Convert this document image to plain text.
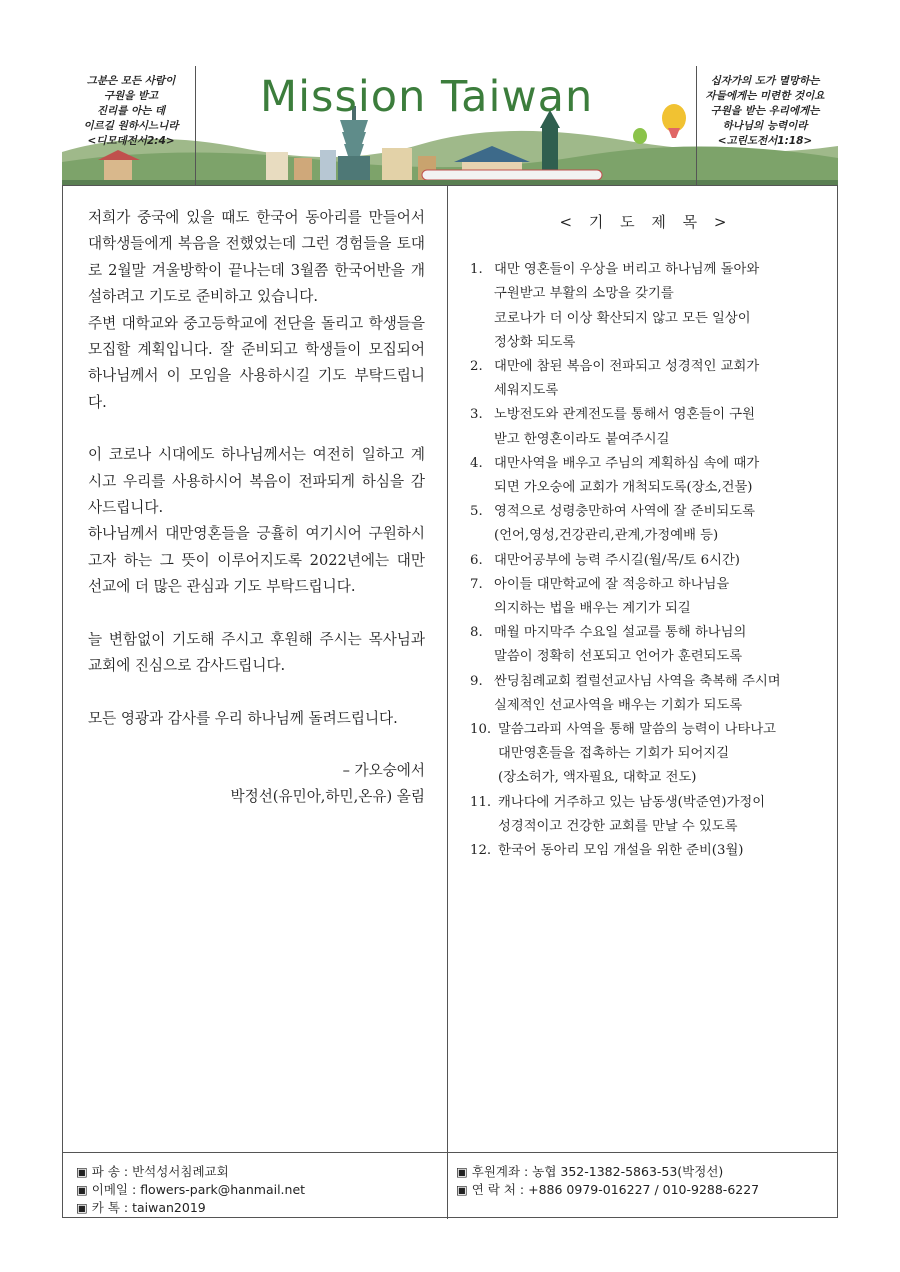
그분은 모든 사람이
구원을 받고
진리를 아는 데
이르길 원하시느니라
<디모데전서2:4>
Mission Taiwan	십자가의 도가 멸망하는
자들에게는 미련한 것이요
구원을 받는 우리에게는
하나님의 능력이라
<고린도전서1:18>
저희가 중국에 있을 때도 한국어 동아리를 만들어서 대학생들에게 복음을 전했었는데 그런 경험들을 토대로 2월말 겨울방학이 끝나는데 3월쯤 한국어반을 개설하려고 기도로 준비하고 있습니다.
주변 대학교와 중고등학교에 전단을 돌리고 학생들을 모집할 계획입니다. 잘 준비되고 학생들이 모집되어 하나님께서 이 모임을 사용하시길 기도 부탁드립니다.
이 코로나 시대에도 하나님께서는 여전히 일하고 계시고 우리를 사용하시어 복음이 전파되게 하심을 감사드립니다.
하나님께서 대만영혼들을 긍휼히 여기시어 구원하시고자 하는 그 뜻이 이루어지도록 2022년에는 대만 선교에 더 많은 관심과 기도 부탁드립니다.
늘 변함없이 기도해 주시고 후원해 주시는 목사님과 교회에 진심으로 감사드립니다.
모든 영광과 감사를 우리 하나님께 돌려드립니다.
– 가오숭에서
박정선(유민아,하민,온유) 올림
< 기 도 제 목 >
1. 대만 영혼들이 우상을 버리고 하나님께 돌아와
구원받고 부활의 소망을 갖기를
코로나가 더 이상 확산되지 않고 모든 일상이
정상화 되도록
2. 대만에 참된 복음이 전파되고 성경적인 교회가
세워지도록
3. 노방전도와 관계전도를 통해서 영혼들이 구원
받고 한영혼이라도 붙여주시길
4. 대만사역을 배우고 주님의 계획하심 속에 때가
되면 가오숭에 교회가 개척되도록(장소,건물)
5. 영적으로 성령충만하여 사역에 잘 준비되도록
(언어,영성,건강관리,관계,가정예배 등)
6. 대만어공부에 능력 주시길(월/목/토 6시간)
7. 아이들 대만학교에 잘 적응하고 하나님을
의지하는 법을 배우는 계기가 되길
8. 매월 마지막주 수요일 설교를 통해 하나님의
말씀이 정확히 선포되고 언어가 훈련되도록
9. 싼딩침례교회 컬럴선교사님 사역을 축복해 주시며
실제적인 선교사역을 배우는 기회가 되도록
10. 말씀그라피 사역을 통해 말씀의 능력이 나타나고
대만영혼들을 접촉하는 기회가 되어지길
(장소허가, 액자필요, 대학교 전도)
11. 캐나다에 거주하고 있는 남동생(박준연)가정이
성경적이고 건강한 교회를 만날 수 있도록
12. 한국어 동아리 모임 개설을 위한 준비(3월)
▣ 파 송 : 반석성서침례교회
▣ 이메일 : flowers-park@hanmail.net
▣ 카 톡 : taiwan2019
▣ 후원계좌 : 농협 352-1382-5863-53(박정선)
▣ 연 락 처 : +886 0979-016227 / 010-9288-6227
